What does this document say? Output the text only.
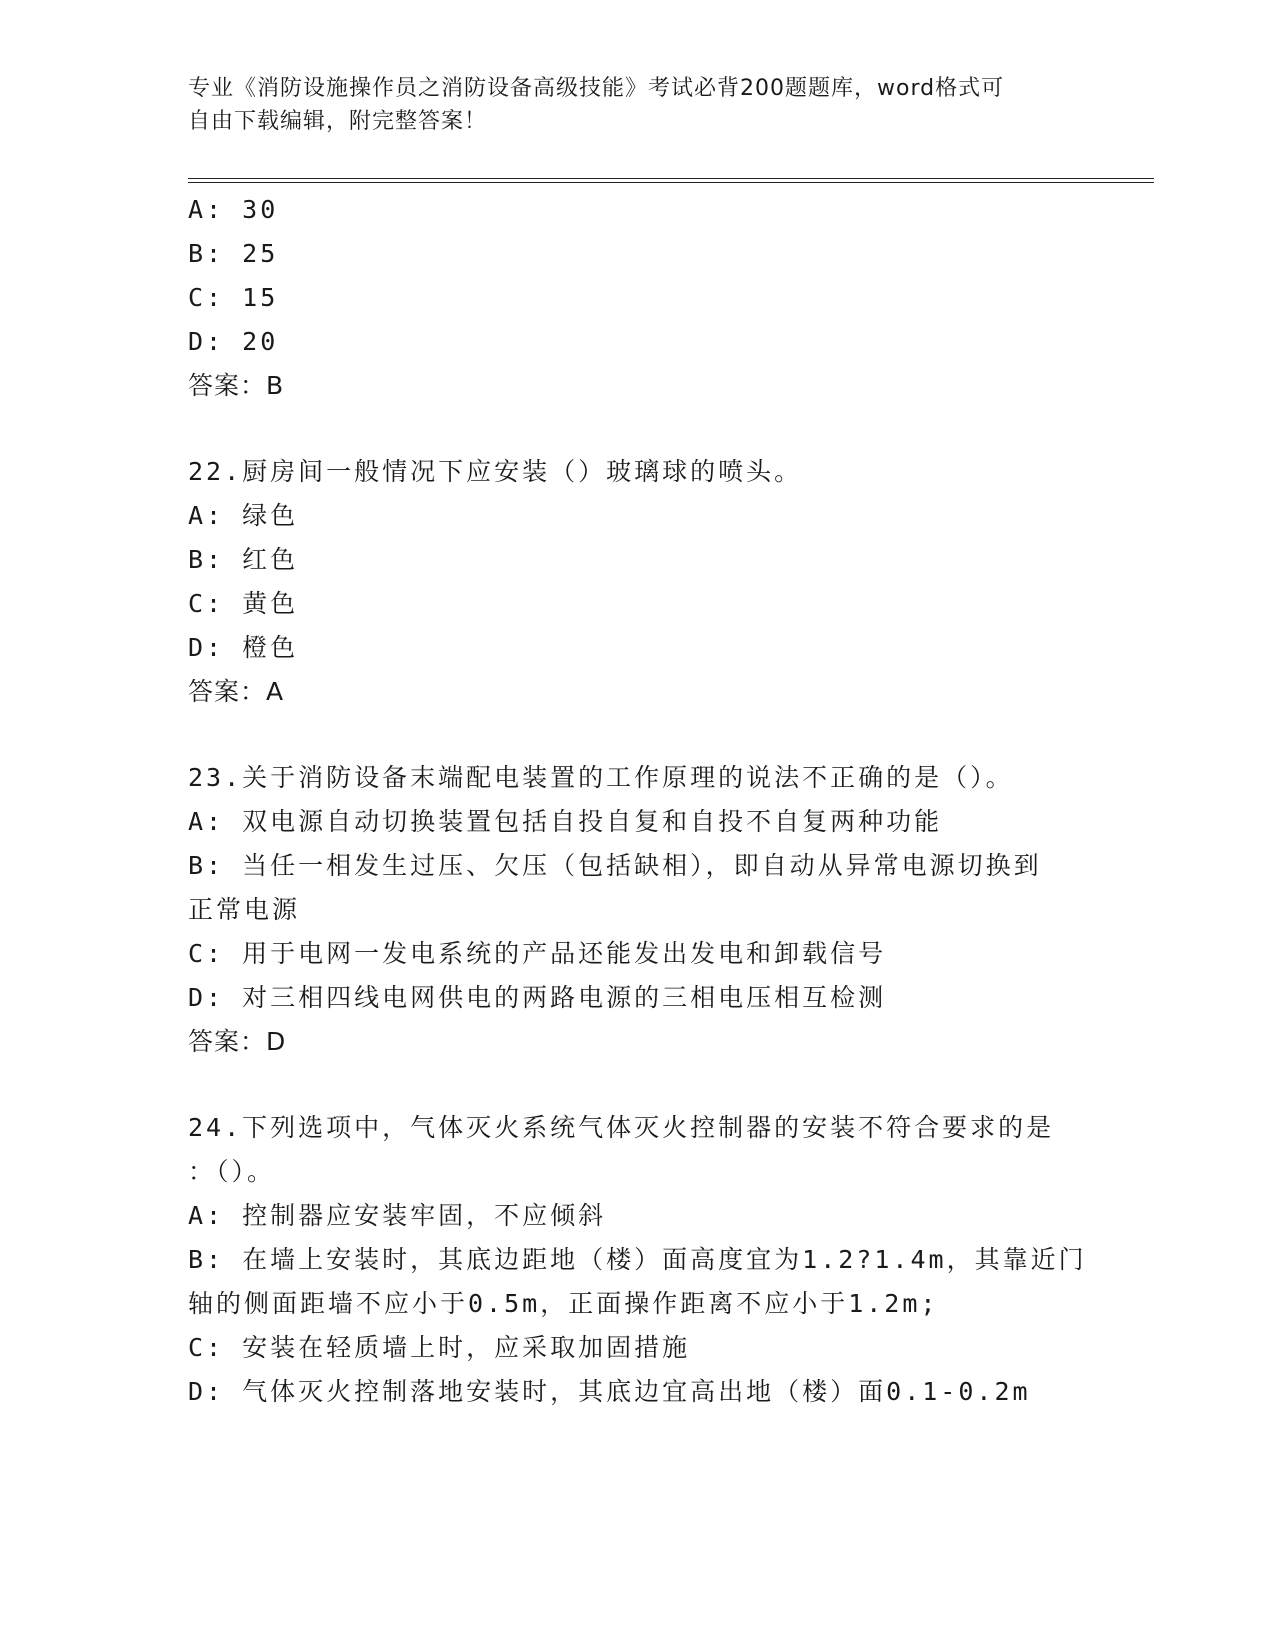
专业《消防设施操作员之消防设备高级技能》考试必背200题题库，word格式可
自由下载编辑，附完整答案！
A: 30
B: 25
C: 15
D: 20
答案：B
22.厨房间一般情况下应安装（）玻璃球的喷头。
A: 绿色
B: 红色
C: 黄色
D: 橙色
答案：A
23.关于消防设备末端配电装置的工作原理的说法不正确的是（）。
A: 双电源自动切换装置包括自投自复和自投不自复两种功能
B: 当任一相发生过压、欠压（包括缺相），即自动从异常电源切换到
正常电源
C: 用于电网一发电系统的产品还能发出发电和卸载信号
D: 对三相四线电网供电的两路电源的三相电压相互检测
答案：D
24.下列选项中，气体灭火系统气体灭火控制器的安装不符合要求的是
：（）。
A: 控制器应安装牢固，不应倾斜
B: 在墙上安装时，其底边距地（楼）面高度宜为1.2?1.4m，其靠近门
轴的侧面距墙不应小于0.5m，正面操作距离不应小于1.2m;
C: 安装在轻质墙上时，应采取加固措施
D: 气体灭火控制落地安装时，其底边宜高出地（楼）面0.1-0.2m
